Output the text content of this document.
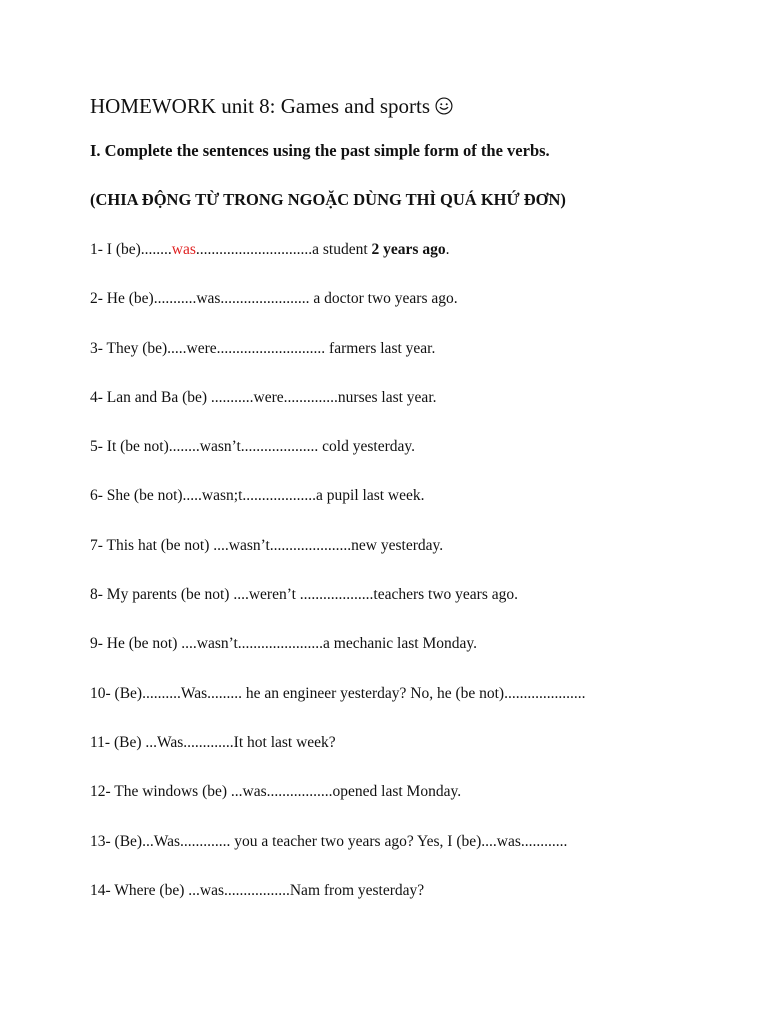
HOMEWORK unit 8: Games and sports

I. Complete the sentences using the past simple form of the verbs.

(CHIA ĐỘNG TỪ TRONG NGOẶC DÙNG THÌ QUÁ KHỨ ĐƠN)

1- I (be)........was..............................a student 2 years ago.
2- He (be)...........was....................... a doctor two years ago.
3- They (be).....were............................ farmers last year.
4- Lan and Ba (be) ...........were..............nurses last year.
5- It (be not)........wasn’t.................... cold yesterday.
6- She (be not).....wasn;t...................a pupil last week.
7- This hat (be not) ....wasn’t.....................new yesterday.
8- My parents (be not) ....weren’t ...................teachers two years ago.
9- He (be not) ....wasn’t......................a mechanic last Monday.
10- (Be)..........Was......... he an engineer yesterday? No, he (be not).....................
11- (Be) ...Was.............It hot last week?
12- The windows (be) ...was.................opened last Monday.
13- (Be)...Was............. you a teacher two years ago? Yes, I (be)....was............
14- Where (be) ...was.................Nam from yesterday?
